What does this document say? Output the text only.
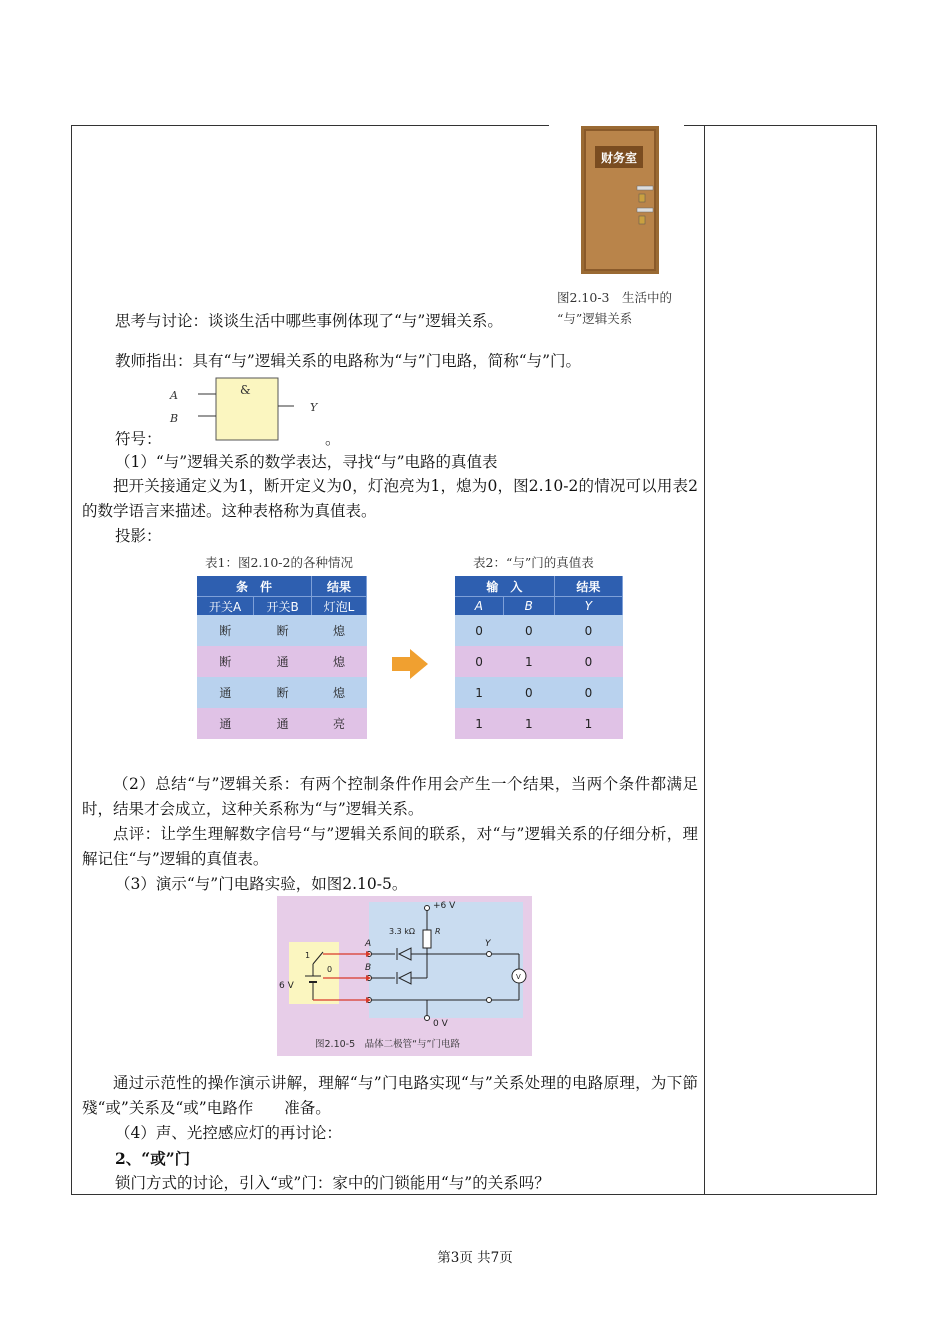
财务室
图2.10-3　生活中的
“与”逻辑关系
思考与讨论：谈谈生活中哪些事例体现了“与”逻辑关系。
教师指出：具有“与”逻辑关系的电路称为“与”门电路，简称“与”门。
A
B
&
Y
符号：	。
（1）“与”逻辑关系的数学表达，寻找“与”电路的真值表
把开关接通定义为1，断开定义为0，灯泡亮为1，熄为0，图2.10-2的情况可以用表2的数学语言来描述。这种表格称为真值表。
投影：
表1：图2.10-2的各种情况
条　件		结果
开关A	开关B	灯泡L
断	断	熄
断	通	熄
通	断	熄
通	通	亮
表2：“与”门的真值表
输　入		结果
A	B	Y
0	0	0
0	1	0
1	0	0
1	1	1
（2）总结“与”逻辑关系：有两个控制条件作用会产生一个结果，当两个条件都满足时，结果才会成立，这种关系称为“与”逻辑关系。
点评：让学生理解数字信号“与”逻辑关系间的联系，对“与”逻辑关系的仔细分析，理解记住“与”逻辑的真值表。
（3）演示“与”门电路实验，如图2.10-5。
+6 V
3.3 kΩ R
A
B
Y
V
0 V
6 V
1
0
图2.10-5　晶体二极管“与”门电路
通过示范性的操作演示讲解，理解“与”门电路实现“与”关系处理的电路原理，为下節殘“或”关系及“或”电路作　　准备。
（4）声、光控感应灯的再讨论：
2、“或”门
锁门方式的讨论，引入“或”门：家中的门锁能用“与”的关系吗？
第3页 共7页
